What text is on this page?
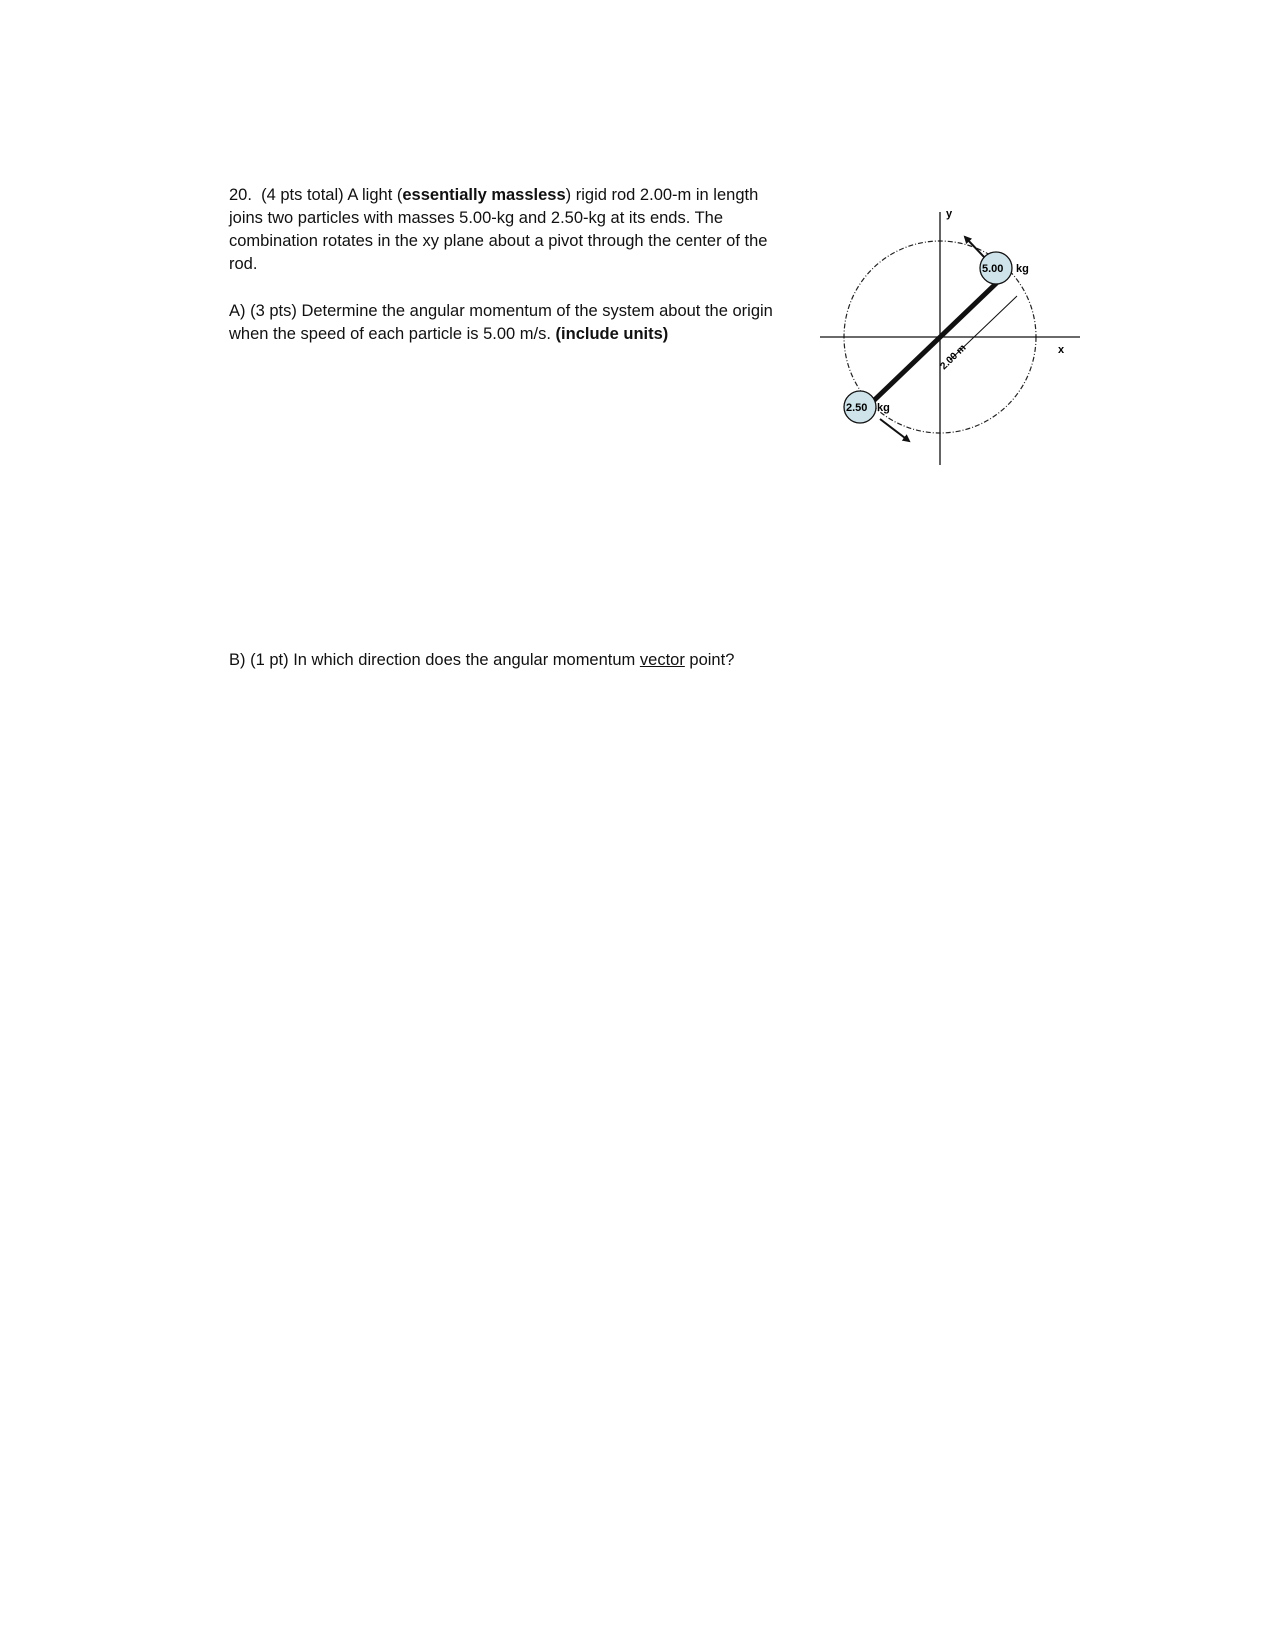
20. (4 pts total) A light (essentially massless) rigid rod 2.00-m in length joins two particles with masses 5.00-kg and 2.50-kg at its ends. The combination rotates in the xy plane about a pivot through the center of the rod.
A) (3 pts) Determine the angular momentum of the system about the origin when the speed of each particle is 5.00 m/s. (include units)
B) (1 pt) In which direction does the angular momentum vector point?
y
x
2.00 m
5.00 kg
2.50 kg
